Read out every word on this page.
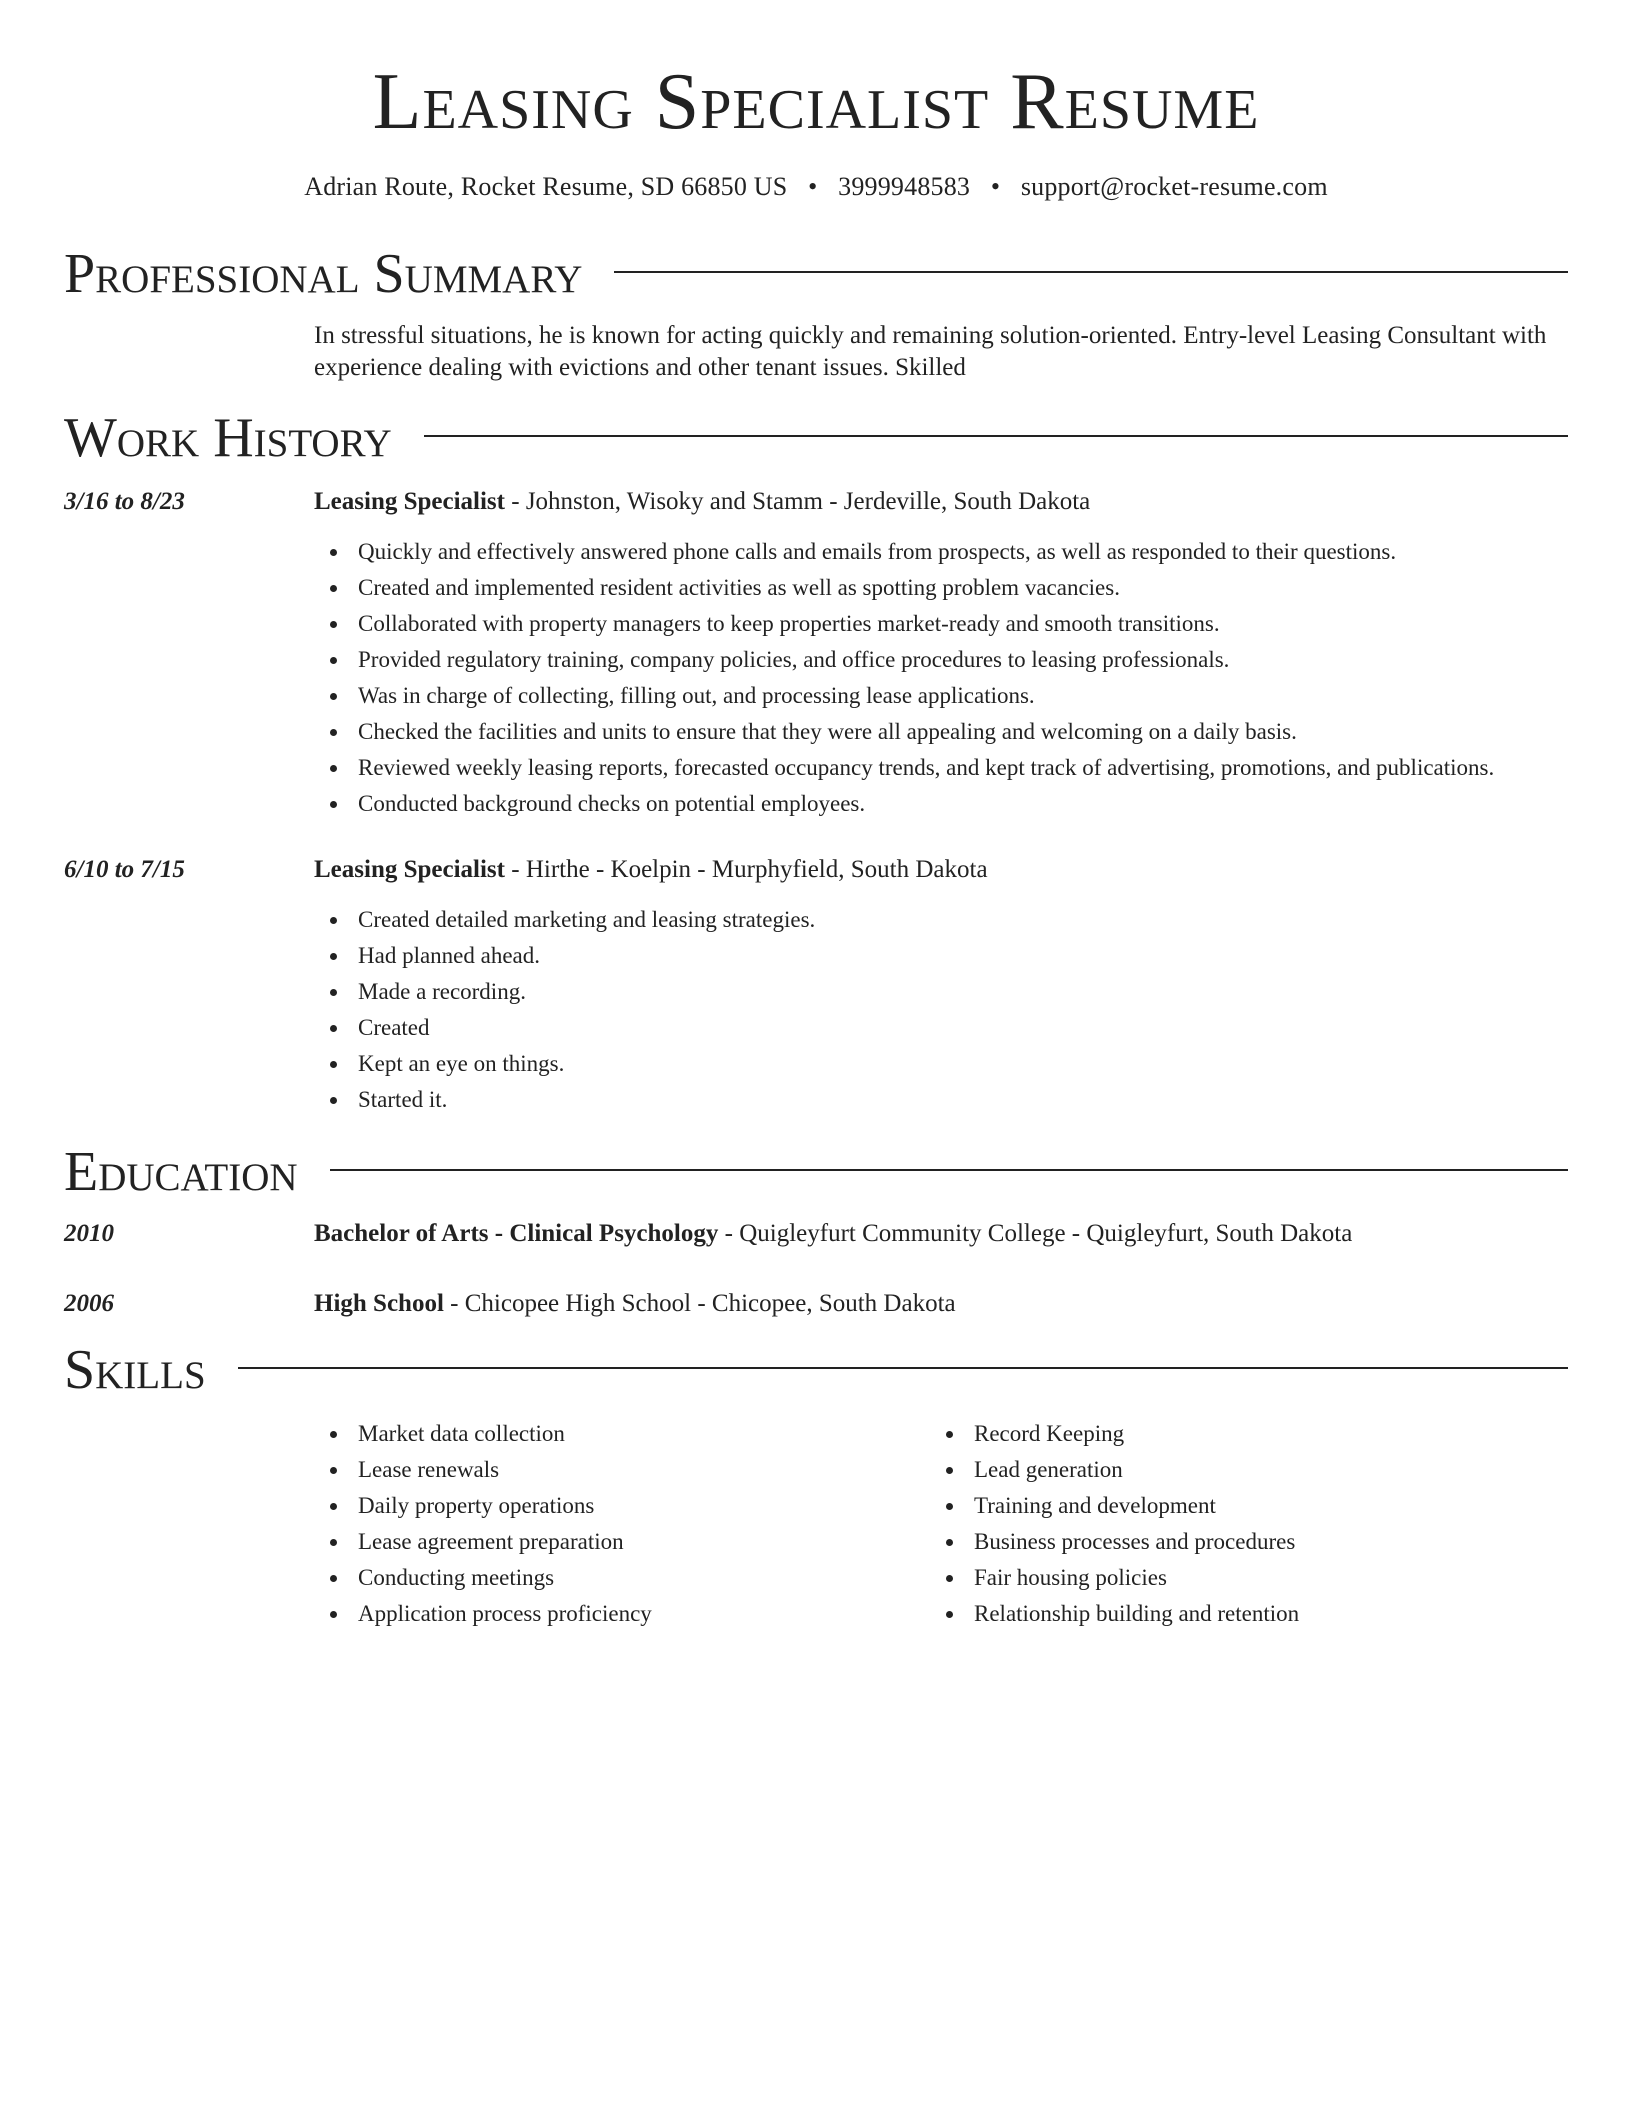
Leasing Specialist Resume
Adrian Route, Rocket Resume, SD 66850 US • 3999948583 • support@rocket-resume.com
Professional Summary
In stressful situations, he is known for acting quickly and remaining solution-oriented. Entry-level Leasing Consultant with experience dealing with evictions and other tenant issues. Skilled
Work History
3/16 to 8/23	Leasing Specialist - Johnston, Wisoky and Stamm - Jerdeville, South Dakota
Quickly and effectively answered phone calls and emails from prospects, as well as responded to their questions.
Created and implemented resident activities as well as spotting problem vacancies.
Collaborated with property managers to keep properties market-ready and smooth transitions.
Provided regulatory training, company policies, and office procedures to leasing professionals.
Was in charge of collecting, filling out, and processing lease applications.
Checked the facilities and units to ensure that they were all appealing and welcoming on a daily basis.
Reviewed weekly leasing reports, forecasted occupancy trends, and kept track of advertising, promotions, and publications.
Conducted background checks on potential employees.
6/10 to 7/15	Leasing Specialist - Hirthe - Koelpin - Murphyfield, South Dakota
Created detailed marketing and leasing strategies.
Had planned ahead.
Made a recording.
Created
Kept an eye on things.
Started it.
Education
2010	Bachelor of Arts - Clinical Psychology - Quigleyfurt Community College - Quigleyfurt, South Dakota
2006	High School - Chicopee High School - Chicopee, South Dakota
Skills
Market data collection
Lease renewals
Daily property operations
Lease agreement preparation
Conducting meetings
Application process proficiency
Record Keeping
Lead generation
Training and development
Business processes and procedures
Fair housing policies
Relationship building and retention
